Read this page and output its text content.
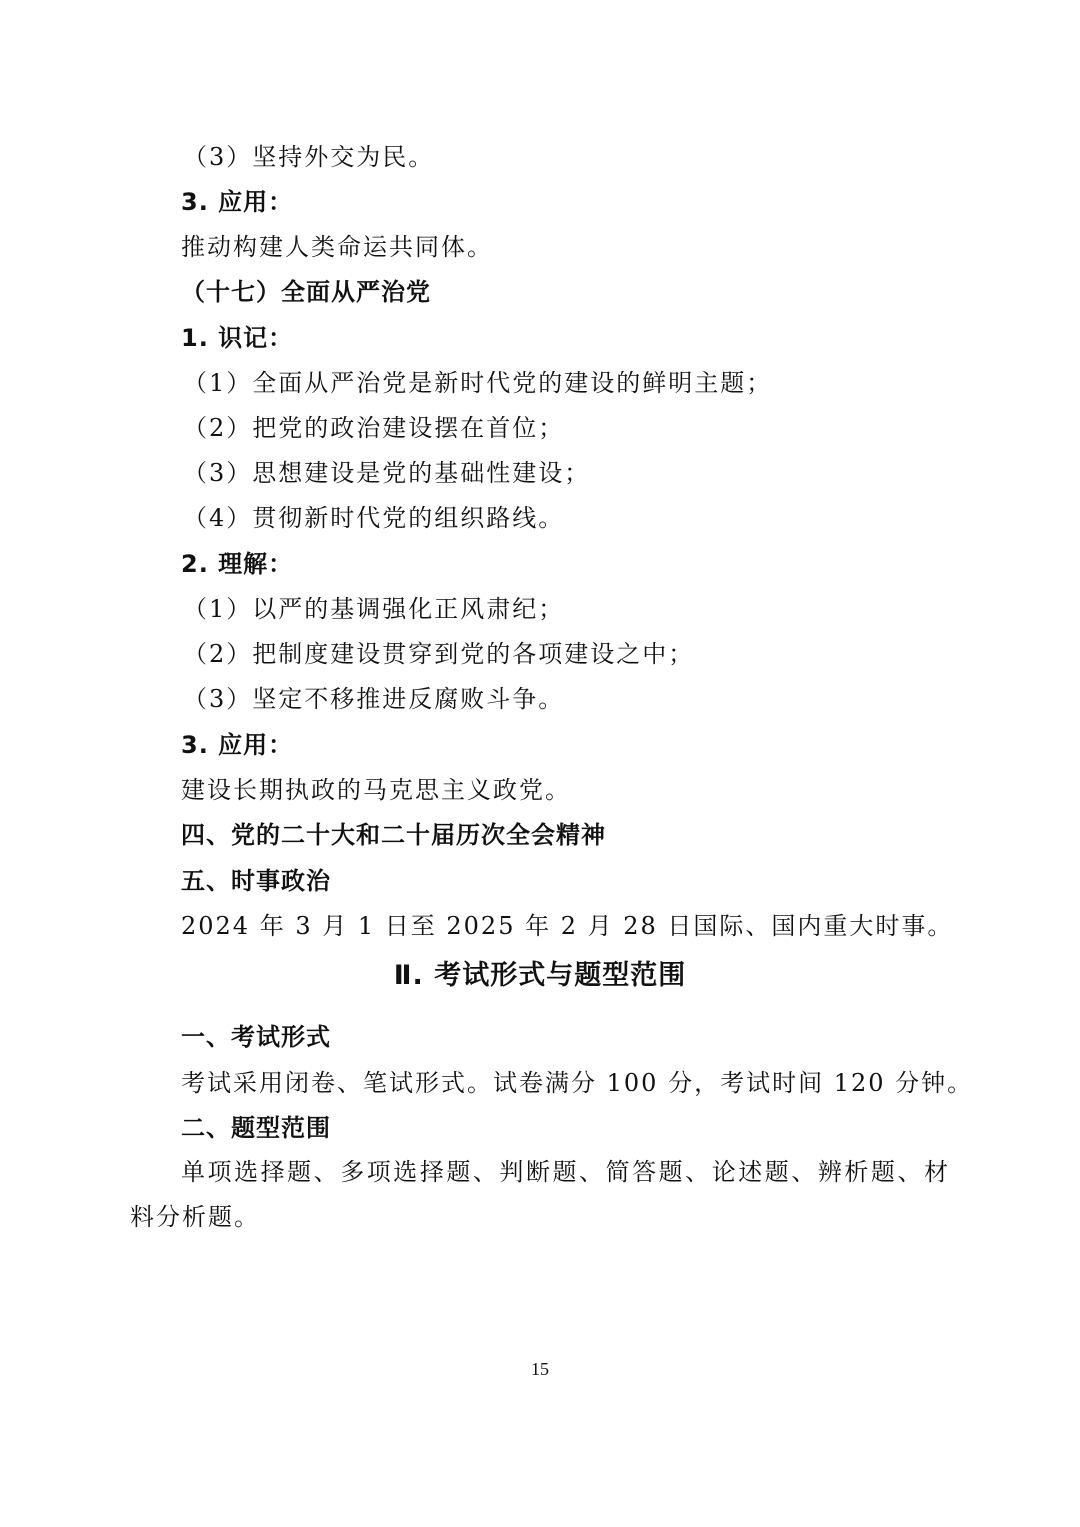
（3）坚持外交为民。
3. 应用：
推动构建人类命运共同体。
（十七）全面从严治党
1. 识记：
（1）全面从严治党是新时代党的建设的鲜明主题；
（2）把党的政治建设摆在首位；
（3）思想建设是党的基础性建设；
（4）贯彻新时代党的组织路线。
2. 理解：
（1）以严的基调强化正风肃纪；
（2）把制度建设贯穿到党的各项建设之中；
（3）坚定不移推进反腐败斗争。
3. 应用：
建设长期执政的马克思主义政党。
四、党的二十大和二十届历次全会精神
五、时事政治
2024 年 3 月 1 日至 2025 年 2 月 28 日国际、国内重大时事。
Ⅱ. 考试形式与题型范围
一、考试形式
考试采用闭卷、笔试形式。试卷满分 100 分，考试时间 120 分钟。
二、题型范围
单项选择题、多项选择题、判断题、简答题、论述题、辨析题、材料分析题。
15
